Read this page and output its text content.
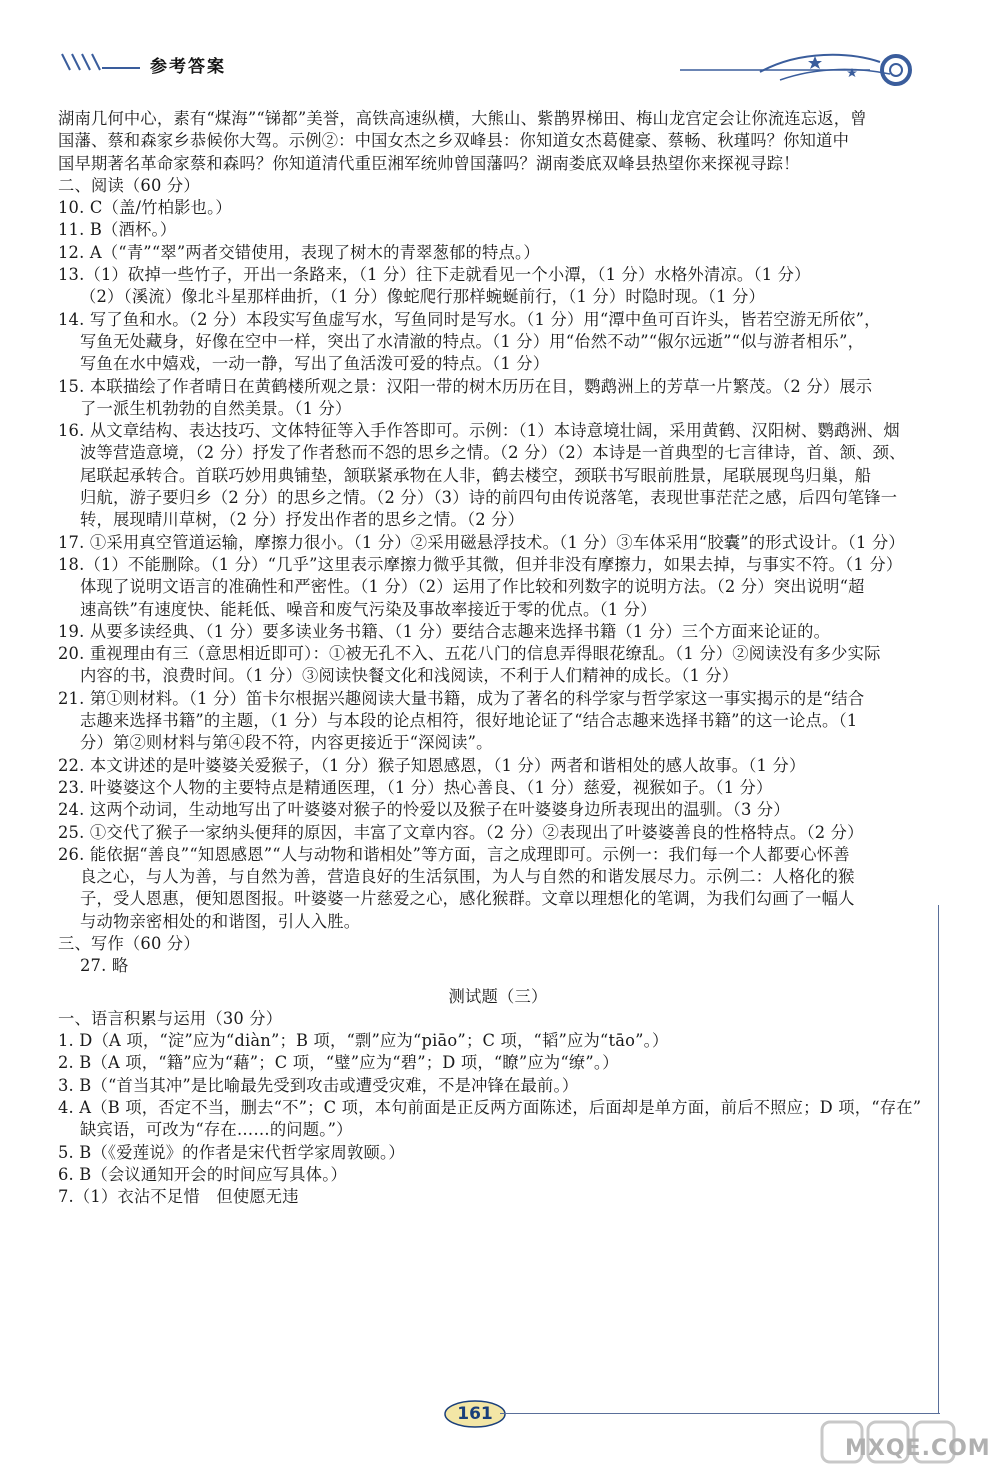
参考答案
湖南几何中心，素有“煤海”“锑都”美誉，高铁高速纵横，大熊山、紫鹊界梯田、梅山龙宫定会让你流连忘返，曾
国藩、蔡和森家乡恭候你大驾。示例②：中国女杰之乡双峰县：你知道女杰葛健豪、蔡畅、秋瑾吗？你知道中
国早期著名革命家蔡和森吗？你知道清代重臣湘军统帅曾国藩吗？湖南娄底双峰县热望你来探视寻踪！
二、阅读（60 分）
10. C（盖/竹柏影也。）
11. B（酒杯。）
12. A（“青”“翠”两者交错使用，表现了树木的青翠葱郁的特点。）
13.（1）砍掉一些竹子，开出一条路来，（1 分）往下走就看见一个小潭，（1 分）水格外清凉。（1 分）
（2）（溪流）像北斗星那样曲折，（1 分）像蛇爬行那样蜿蜒前行，（1 分）时隐时现。（1 分）
14. 写了鱼和水。（2 分）本段实写鱼虚写水，写鱼同时是写水。（1 分）用“潭中鱼可百许头，皆若空游无所依”，
写鱼无处藏身，好像在空中一样，突出了水清澈的特点。（1 分）用“佁然不动”“俶尔远逝”“似与游者相乐”，
写鱼在水中嬉戏，一动一静，写出了鱼活泼可爱的特点。（1 分）
15. 本联描绘了作者晴日在黄鹤楼所观之景：汉阳一带的树木历历在目，鹦鹉洲上的芳草一片繁茂。（2 分）展示
了一派生机勃勃的自然美景。（1 分）
16. 从文章结构、表达技巧、文体特征等入手作答即可。示例：（1）本诗意境壮阔，采用黄鹤、汉阳树、鹦鹉洲、烟
波等营造意境，（2 分）抒发了作者愁而不怨的思乡之情。（2 分）（2）本诗是一首典型的七言律诗，首、颔、颈、
尾联起承转合。首联巧妙用典铺垫，颔联紧承物在人非，鹤去楼空，颈联书写眼前胜景，尾联展现鸟归巢，船
归航，游子要归乡（2 分）的思乡之情。（2 分）（3）诗的前四句由传说落笔，表现世事茫茫之感，后四句笔锋一
转，展现晴川草树，（2 分）抒发出作者的思乡之情。（2 分）
17. ①采用真空管道运输，摩擦力很小。（1 分）②采用磁悬浮技术。（1 分）③车体采用“胶囊”的形式设计。（1 分）
18.（1）不能删除。（1 分）“几乎”这里表示摩擦力微乎其微，但并非没有摩擦力，如果去掉，与事实不符。（1 分）
体现了说明文语言的准确性和严密性。（1 分）（2）运用了作比较和列数字的说明方法。（2 分）突出说明“超
速高铁”有速度快、能耗低、噪音和废气污染及事故率接近于零的优点。（1 分）
19. 从要多读经典、（1 分）要多读业务书籍、（1 分）要结合志趣来选择书籍（1 分）三个方面来论证的。
20. 重视理由有三（意思相近即可）：①被无孔不入、五花八门的信息弄得眼花缭乱。（1 分）②阅读没有多少实际
内容的书，浪费时间。（1 分）③阅读快餐文化和浅阅读，不利于人们精神的成长。（1 分）
21. 第①则材料。（1 分）笛卡尔根据兴趣阅读大量书籍，成为了著名的科学家与哲学家这一事实揭示的是“结合
志趣来选择书籍”的主题，（1 分）与本段的论点相符，很好地论证了“结合志趣来选择书籍”的这一论点。（1
分）第②则材料与第④段不符，内容更接近于“深阅读”。
22. 本文讲述的是叶婆婆关爱猴子，（1 分）猴子知恩感恩，（1 分）两者和谐相处的感人故事。（1 分）
23. 叶婆婆这个人物的主要特点是精通医理，（1 分）热心善良、（1 分）慈爱，视猴如子。（1 分）
24. 这两个动词，生动地写出了叶婆婆对猴子的怜爱以及猴子在叶婆婆身边所表现出的温驯。（3 分）
25. ①交代了猴子一家纳头便拜的原因，丰富了文章内容。（2 分）②表现出了叶婆婆善良的性格特点。（2 分）
26. 能依据“善良”“知恩感恩”“人与动物和谐相处”等方面，言之成理即可。示例一：我们每一个人都要心怀善
良之心，与人为善，与自然为善，营造良好的生活氛围，为人与自然的和谐发展尽力。示例二：人格化的猴
子，受人恩惠，便知恩图报。叶婆婆一片慈爱之心，感化猴群。文章以理想化的笔调，为我们勾画了一幅人
与动物亲密相处的和谐图，引人入胜。
三、写作（60 分）
27. 略
测试题（三）
一、语言积累与运用（30 分）
1. D（A 项，“淀”应为“diàn”；B 项，“剽”应为“piāo”；C 项，“韬”应为“tāo”。）
2. B（A 项，“籍”应为“藉”；C 项，“璧”应为“碧”；D 项，“瞭”应为“缭”。）
3. B（“首当其冲”是比喻最先受到攻击或遭受灾难，不是冲锋在最前。）
4. A（B 项，否定不当，删去“不”；C 项，本句前面是正反两方面陈述，后面却是单方面，前后不照应；D 项，“存在”
缺宾语，可改为“存在……的问题。”）
5. B（《爱莲说》的作者是宋代哲学家周敦颐。）
6. B（会议通知开会的时间应写具体。）
7.（1）衣沾不足惜　但使愿无违
161
MXQE.COM
